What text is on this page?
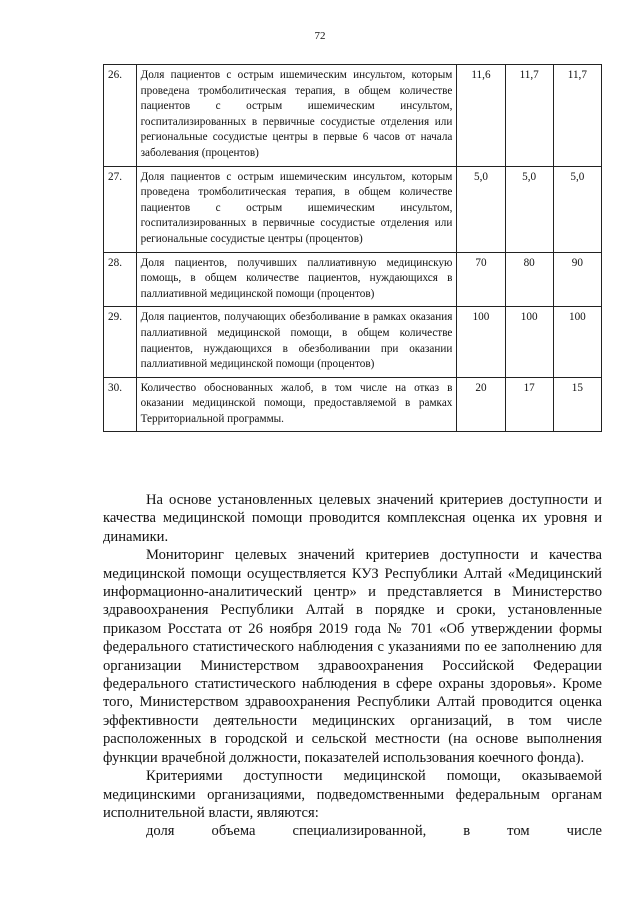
72
26.	Доля пациентов с острым ишемическим инсультом, которым проведена тромболитическая терапия, в общем количестве пациентов с острым ишемическим инсультом, госпитализированных в первичные сосудистые отделения или региональные сосудистые центры в первые 6 часов от начала заболевания (процентов)	11,6	11,7	11,7
27.	Доля пациентов с острым ишемическим инсультом, которым проведена тромболитическая терапия, в общем количестве пациентов с острым ишемическим инсультом, госпитализированных в первичные сосудистые отделения или региональные сосудистые центры (процентов)	5,0	5,0	5,0
28.	Доля пациентов, получивших паллиативную медицинскую помощь, в общем количестве пациентов, нуждающихся в паллиативной медицинской помощи (процентов)	70	80	90
29.	Доля пациентов, получающих обезболивание в рамках оказания паллиативной медицинской помощи, в общем количестве пациентов, нуждающихся в обезболивании при оказании паллиативной медицинской помощи (процентов)	100	100	100
30.	Количество обоснованных жалоб, в том числе на отказ в оказании медицинской помощи, предоставляемой в рамках Территориальной программы.	20	17	15

На основе установленных целевых значений критериев доступности и качества медицинской помощи проводится комплексная оценка их уровня и динамики.

Мониторинг целевых значений критериев доступности и качества медицинской помощи осуществляется КУЗ Республики Алтай «Медицинский информационно-аналитический центр» и представляется в Министерство здравоохранения Республики Алтай в порядке и сроки, установленные приказом Росстата от 26 ноября 2019 года № 701 «Об утверждении формы федерального статистического наблюдения с указаниями по ее заполнению для организации Министерством здравоохранения Российской Федерации федерального статистического наблюдения в сфере охраны здоровья». Кроме того, Министерством здравоохранения Республики Алтай проводится оценка эффективности деятельности медицинских организаций, в том числе расположенных в городской и сельской местности (на основе выполнения функции врачебной должности, показателей использования коечного фонда).

Критериями доступности медицинской помощи, оказываемой медицинскими организациями, подведомственными федеральным органам исполнительной власти, являются:

доля объема специализированной, в том числе
